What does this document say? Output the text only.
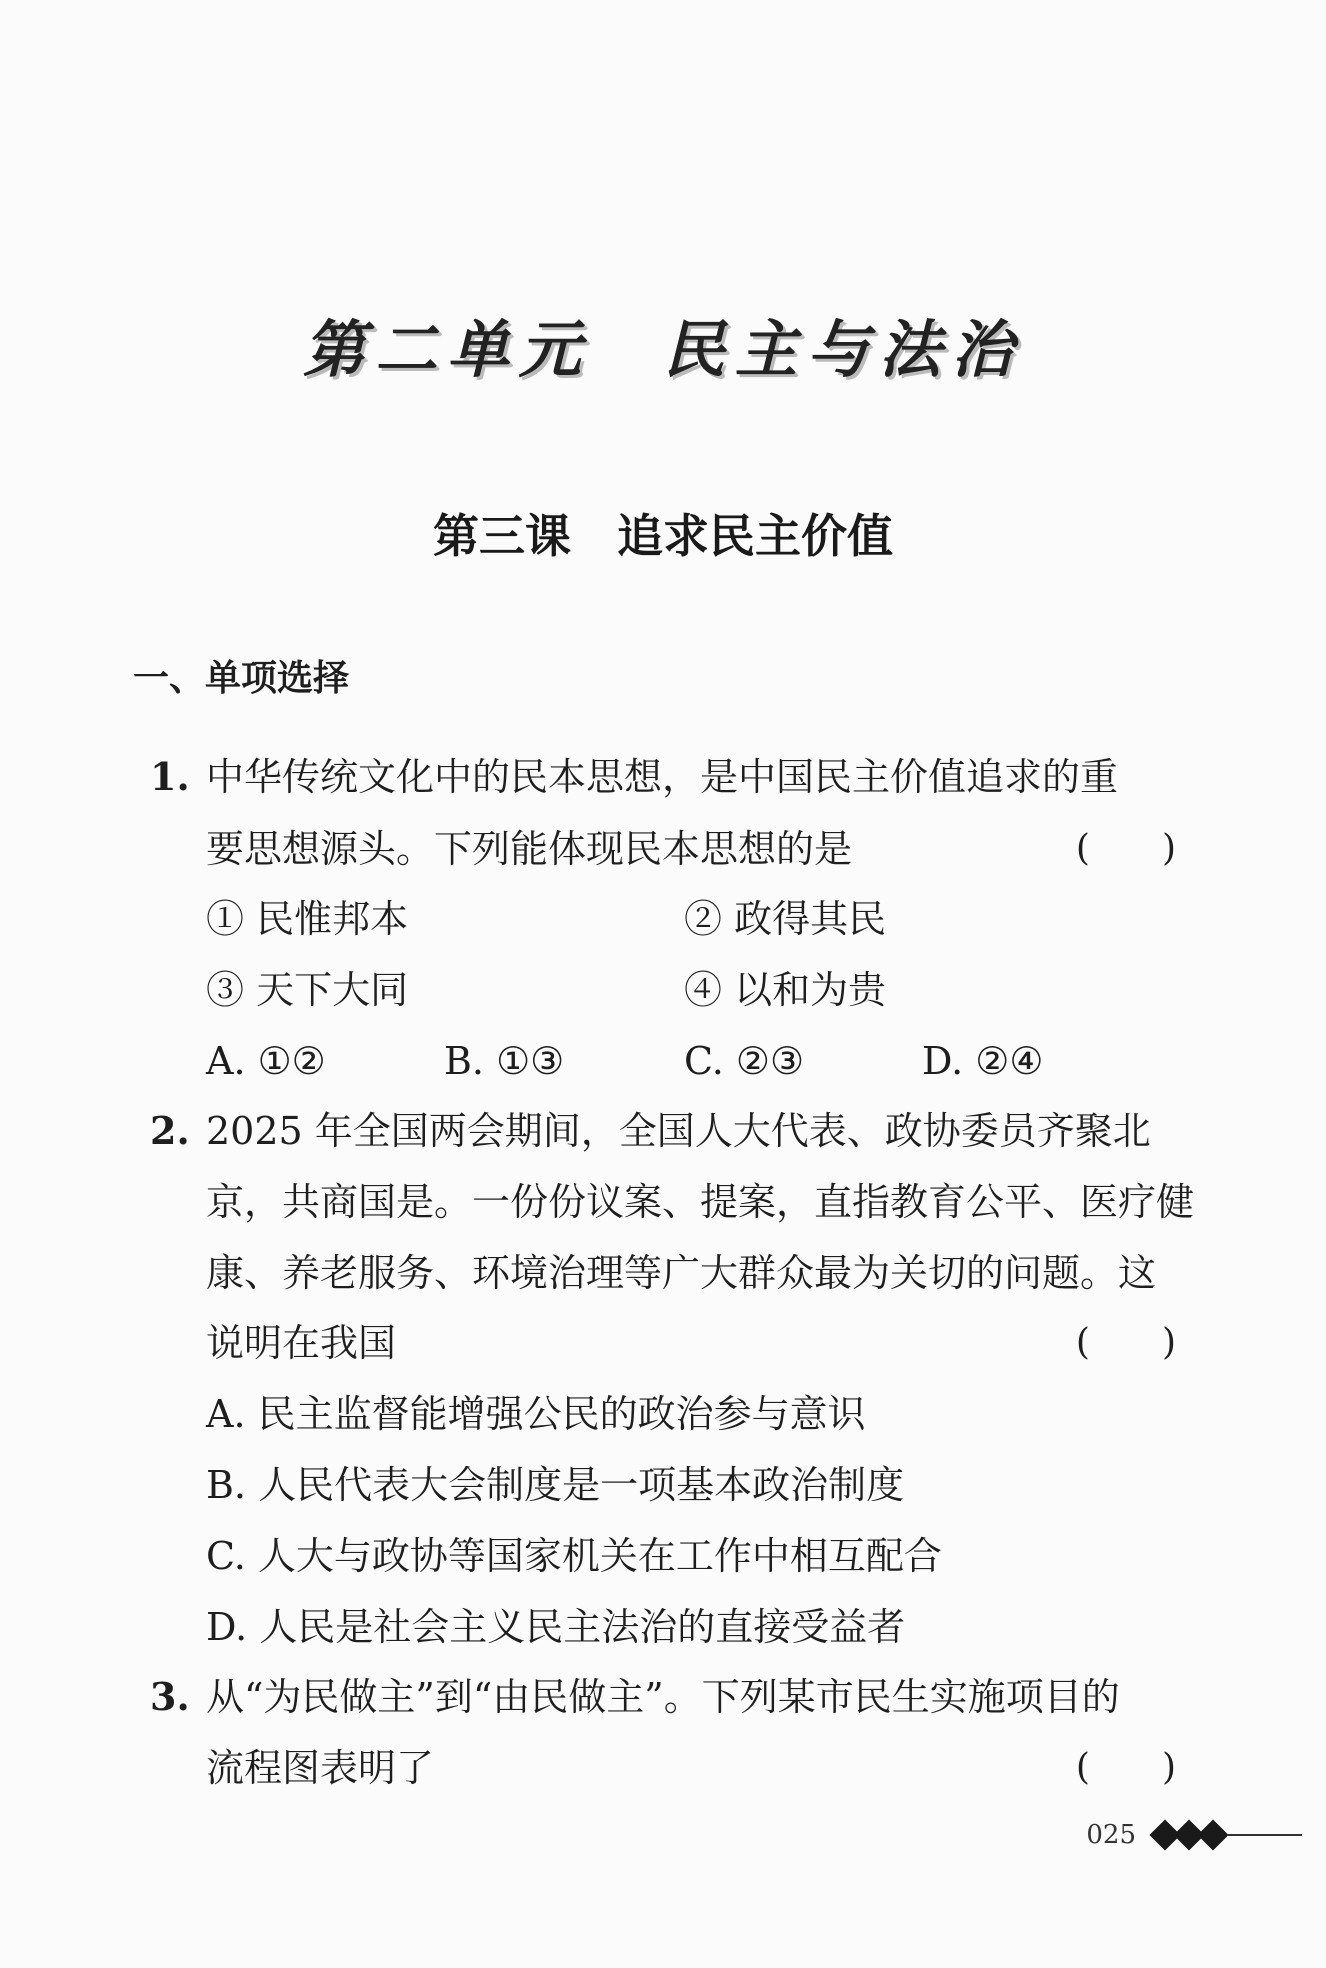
第二单元　民主与法治
第三课　追求民主价值
一、单项选择
1. 中华传统文化中的民本思想，是中国民主价值追求的重
要思想源头。下列能体现民本思想的是	(　　)
① 民惟邦本	② 政得其民
③ 天下大同	④ 以和为贵
A. ①②	B. ①③	C. ②③	D. ②④
2. 2025 年全国两会期间，全国人大代表、政协委员齐聚北
京，共商国是。一份份议案、提案，直指教育公平、医疗健
康、养老服务、环境治理等广大群众最为关切的问题。这
说明在我国	(　　)
A. 民主监督能增强公民的政治参与意识
B. 人民代表大会制度是一项基本政治制度
C. 人大与政协等国家机关在工作中相互配合
D. 人民是社会主义民主法治的直接受益者
3. 从“为民做主”到“由民做主”。下列某市民生实施项目的
流程图表明了	(　　)
025
